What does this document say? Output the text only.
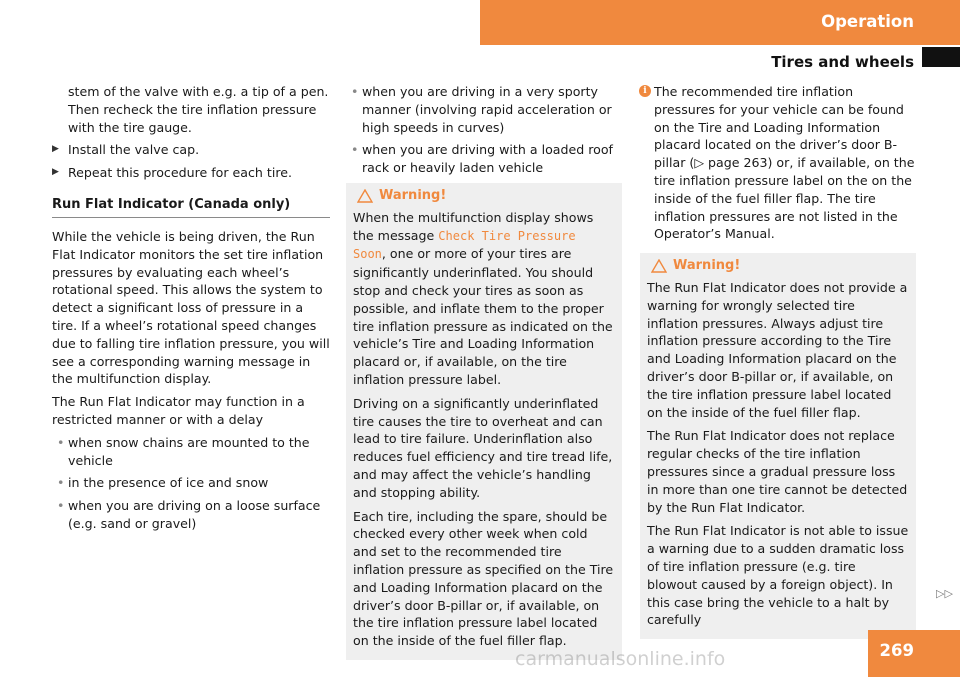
Operation
Tires and wheels

stem of the valve with e.g. a tip of a pen. Then recheck the tire inflation pressure with the tire gauge.

▶ Install the valve cap.
▶ Repeat this procedure for each tire.
Run Flat Indicator (Canada only)

While the vehicle is being driven, the Run Flat Indicator monitors the set tire inflation pressures by evaluating each wheel’s rotational speed. This allows the system to detect a significant loss of pressure in a tire. If a wheel’s rotational speed changes due to falling tire inflation pressure, you will see a corresponding warning message in the multifunction display.

The Run Flat Indicator may function in a restricted manner or with a delay

• when snow chains are mounted to the vehicle
• in the presence of ice and snow
• when you are driving on a loose surface (e.g. sand or gravel)
• when you are driving in a very sporty manner (involving rapid acceleration or high speeds in curves)
• when you are driving with a loaded roof rack or heavily laden vehicle
Warning!

When the multifunction display shows the message Check Tire Pressure Soon, one or more of your tires are significantly underinflated. You should stop and check your tires as soon as possible, and inflate them to the proper tire inflation pressure as indicated on the vehicle’s Tire and Loading Information placard or, if available, on the tire inflation pressure label.

Driving on a significantly underinflated tire causes the tire to overheat and can lead to tire failure. Underinflation also reduces fuel efficiency and tire tread life, and may affect the vehicle’s handling and stopping ability.

Each tire, including the spare, should be checked every other week when cold and set to the recommended tire inflation pressure as specified on the Tire and Loading Information placard on the driver’s door B-pillar or, if available, on the tire inflation pressure label located on the inside of the fuel filler flap.

i The recommended tire inflation pressures for your vehicle can be found on the Tire and Loading Information placard located on the driver’s door B-pillar (▷ page 263) or, if available, on the tire inflation pressure label on the on the inside of the fuel filler flap. The tire inflation pressures are not listed in the Operator’s Manual.
Warning!

The Run Flat Indicator does not provide a warning for wrongly selected tire inflation pressures. Always adjust tire inflation pressure according to the Tire and Loading Information placard on the driver’s door B-pillar or, if available, on the tire inflation pressure label located on the inside of the fuel filler flap.

The Run Flat Indicator does not replace regular checks of the tire inflation pressures since a gradual pressure loss in more than one tire cannot be detected by the Run Flat Indicator.

The Run Flat Indicator is not able to issue a warning due to a sudden dramatic loss of tire inflation pressure (e.g. tire blowout caused by a foreign object). In this case bring the vehicle to a halt by carefully

▷▷
269
carmanualsonline.info
